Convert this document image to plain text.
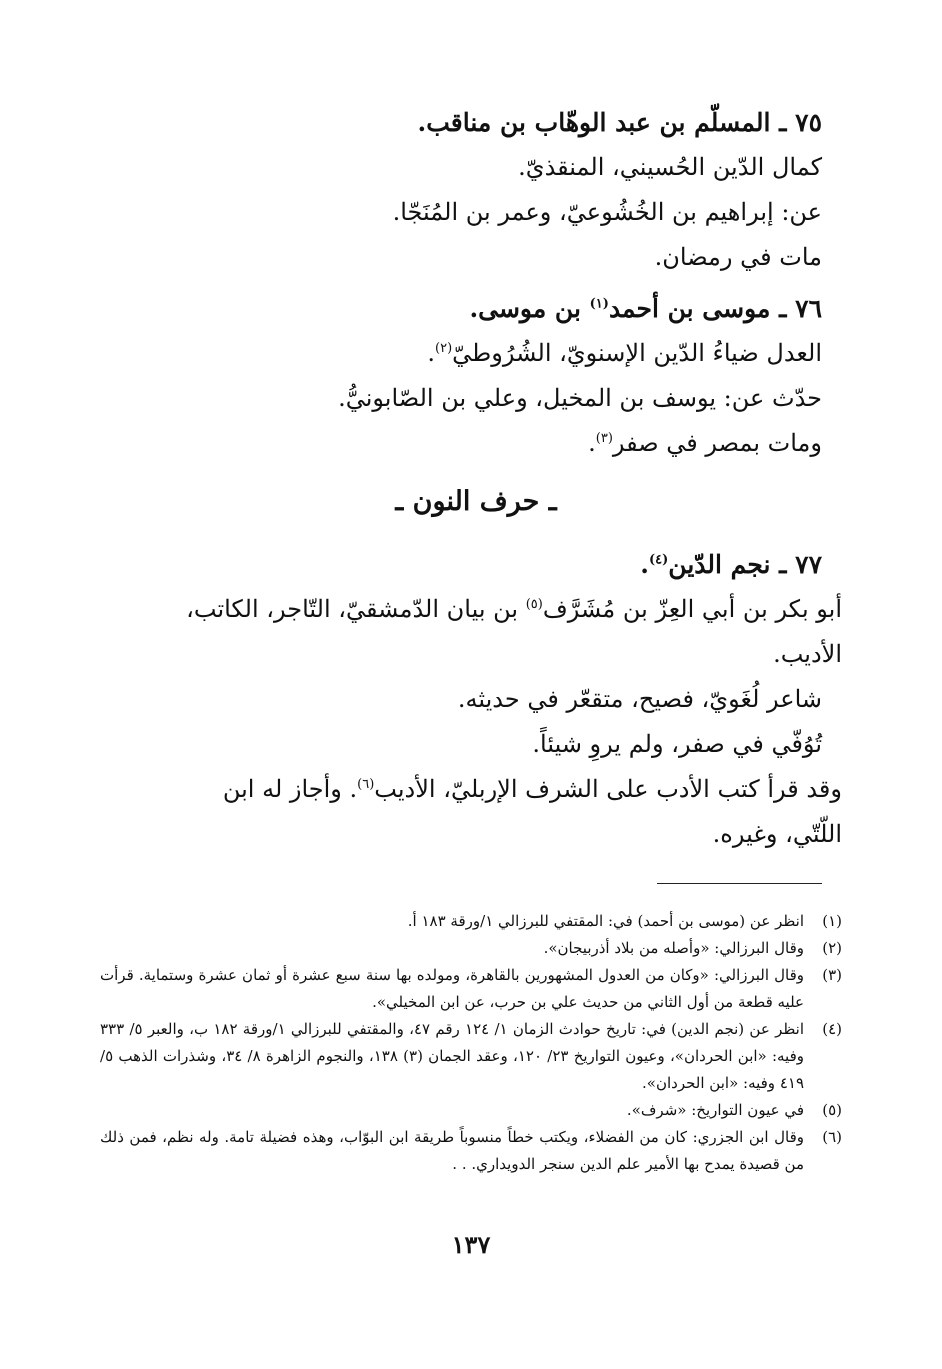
٧٥ ـ المسلّم بن عبد الوهّاب بن مناقب.

كمال الدّين الحُسيني، المنقذيّ.

عن: إبراهيم بن الخُشُوعيّ، وعمر بن المُنَجّا.

مات في رمضان.

٧٦ ـ موسى بن أحمد$^{(١)}$ بن موسى.

العدل ضياءُ الدّين الإسنويّ، الشُرُوطيّ$^{(٢)}$.

حدّث عن: يوسف بن المخيل، وعلي بن الصّابونيُّ.

ومات بمصر في صفر$^{(٣)}$.

ـ حرف النون ـ

٧٧ ـ نجم الدّين$^{(٤)}$.

أبو بكر بن أبي العِزّ بن مُشَرَّف$^{(٥)}$ بن بيان الدّمشقيّ، التّاجر، الكاتب،

الأديب.

شاعر لُغَويّ، فصيح، متقعّر في حديثه.

تُوُفّي في صفر، ولم يروِ شيئاً.

وقد قرأ كتب الأدب على الشرف الإربليّ، الأديب$^{(٦)}$. وأجاز له ابن

اللّتّي، وغيره.

(١)
انظر عن (موسى بن أحمد) في: المقتفي للبرزالي ١/ورقة ١٨٣ أ.
(٢)
وقال البرزالي: «وأصله من بلاد أذربيجان».
(٣)
وقال البرزالي: «وكان من العدول المشهورين بالقاهرة، ومولده بها سنة سبع عشرة أو ثمان عشرة وستماية. قرأت عليه قطعة من أول الثاني من حديث علي بن حرب، عن ابن المخيلي».
(٤)
انظر عن (نجم الدين) في: تاريخ حوادث الزمان ١/ ١٢٤ رقم ٤٧، والمقتفي للبرزالي ١/ورقة ١٨٢ ب، والعبر ٥/ ٣٣٣ وفيه: «ابن الحردان»، وعيون التواريخ ٢٣/ ١٢٠، وعقد الجمان (٣) ١٣٨، والنجوم الزاهرة ٨/ ٣٤، وشذرات الذهب ٥/ ٤١٩ وفيه: «ابن الحردان».
(٥)
في عيون التواريخ: «شرف».
(٦)
وقال ابن الجزري: كان من الفضلاء، ويكتب خطاً منسوباً طريقة ابن البوّاب، وهذه فضيلة تامة. وله نظم، فمن ذلك من قصيدة يمدح بها الأمير علم الدين سنجر الدويداري. . .
١٣٧
